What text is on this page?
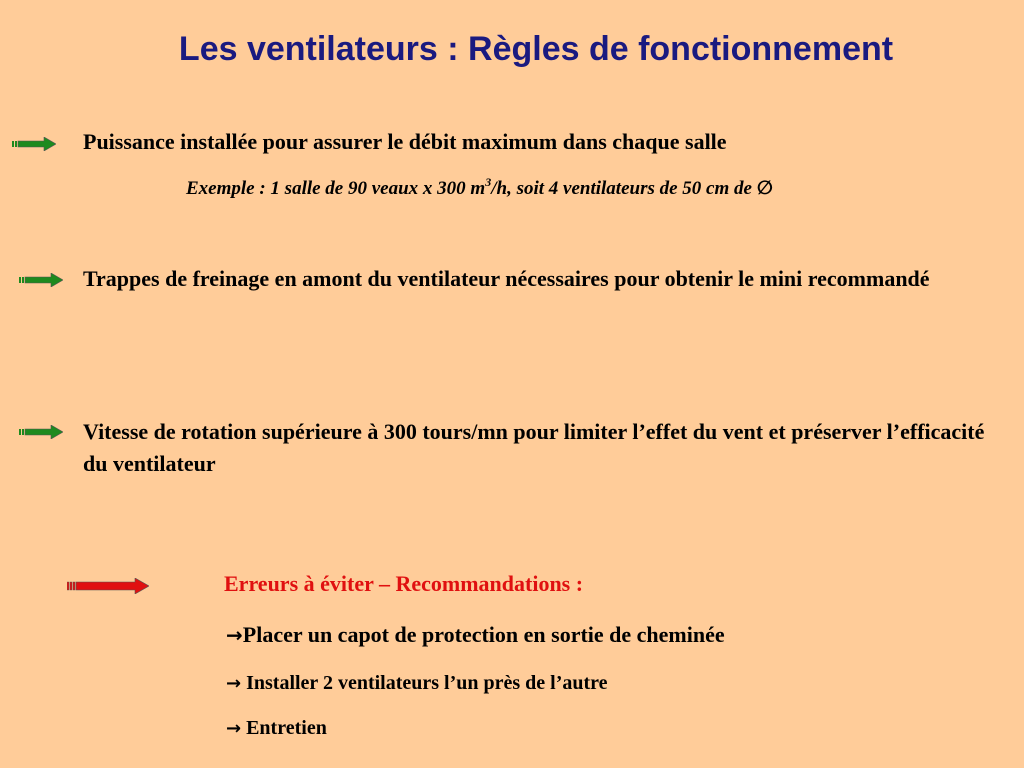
Les ventilateurs : Règles de fonctionnement
Puissance installée pour assurer le débit maximum dans chaque salle
Exemple : 1 salle de 90 veaux x 300 $m^3/h$, soit 4 ventilateurs de 50 cm de ∅
Trappes de freinage en amont du ventilateur nécessaires pour obtenir le mini recommandé
Vitesse de rotation supérieure à 300 tours/mn pour limiter l’effet du vent et préserver l’efficacité du ventilateur
Erreurs à éviter – Recommandations :
→Placer un capot de protection en sortie de cheminée
→ Installer 2 ventilateurs l’un près de l’autre
→ Entretien
